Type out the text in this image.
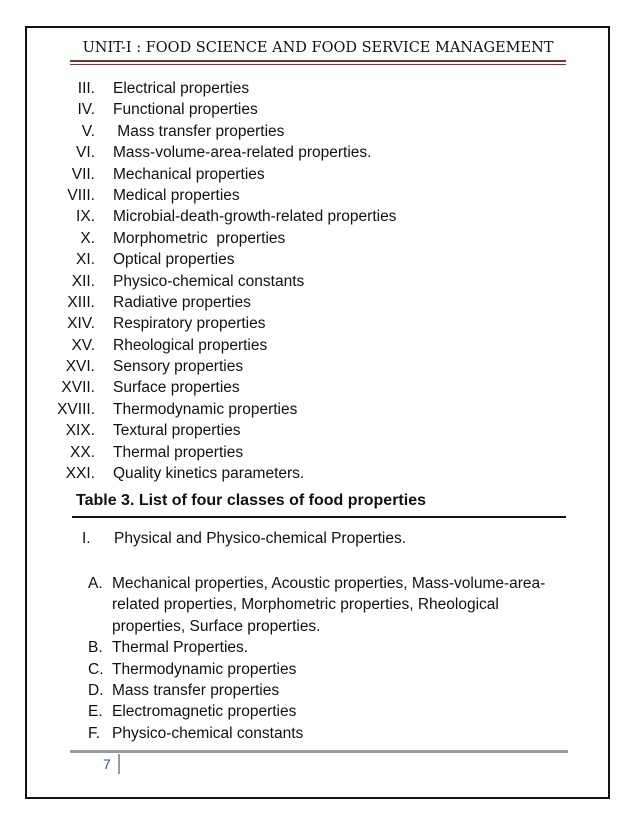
UNIT-I : FOOD SCIENCE AND FOOD SERVICE MANAGEMENT
III. Electrical properties
IV. Functional properties
V. Mass transfer properties
VI. Mass-volume-area-related properties.
VII. Mechanical properties
VIII. Medical properties
IX. Microbial-death-growth-related properties
X. Morphometric  properties
XI. Optical properties
XII. Physico-chemical constants
XIII. Radiative properties
XIV. Respiratory properties
XV. Rheological properties
XVI. Sensory properties
XVII. Surface properties
XVIII. Thermodynamic properties
XIX. Textural properties
XX. Thermal properties
XXI. Quality kinetics parameters.
Table 3. List of four classes of food properties
I. Physical and Physico-chemical Properties.
A. Mechanical properties, Acoustic properties, Mass-volume-area-related properties, Morphometric properties, Rheological properties, Surface properties.
B. Thermal Properties.
C. Thermodynamic properties
D. Mass transfer properties
E. Electromagnetic properties
F. Physico-chemical constants
7
